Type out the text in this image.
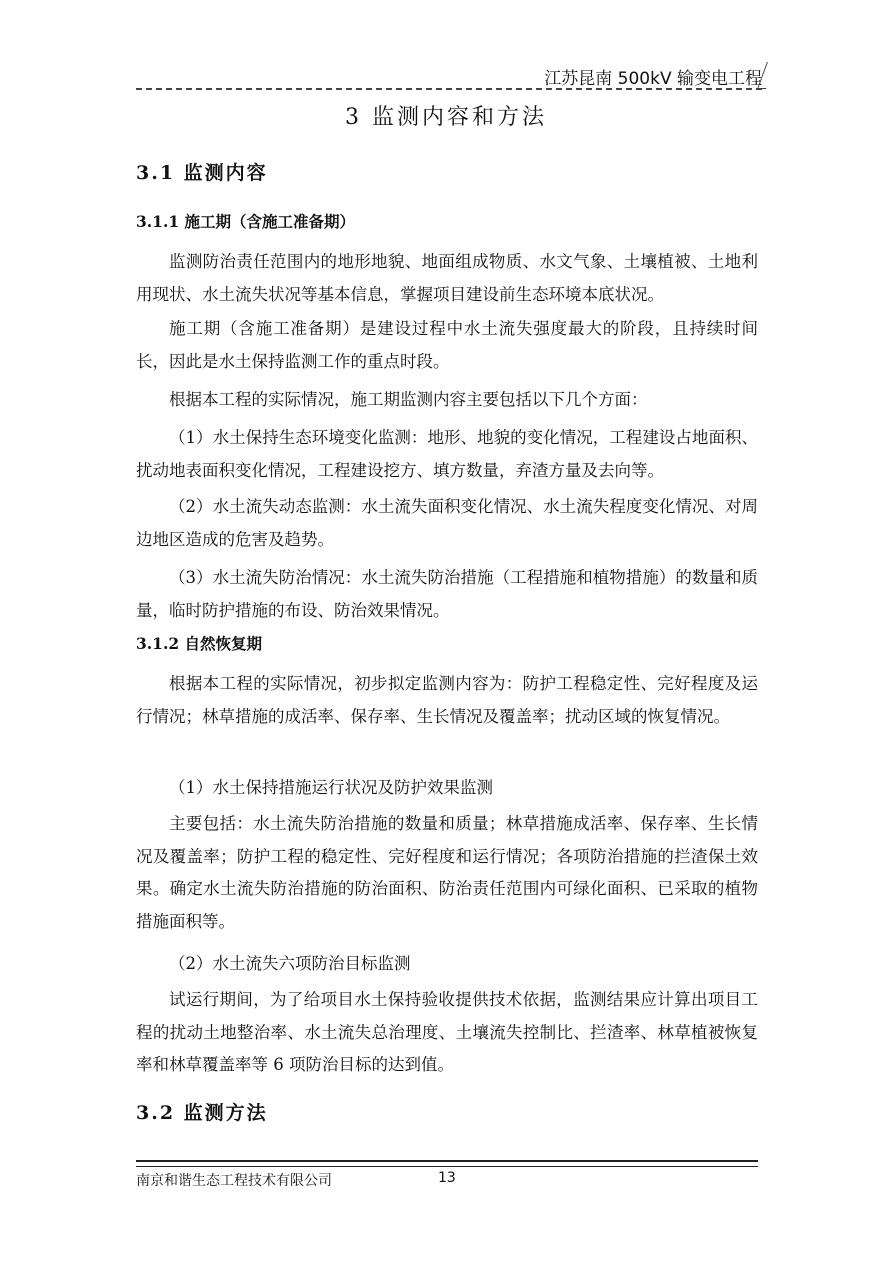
江苏昆南 500kV 输变电工程
3 监测内容和方法
3.1 监测内容
3.1.1 施工期（含施工准备期）

监测防治责任范围内的地形地貌、地面组成物质、水文气象、土壤植被、土地利用现状、水土流失状况等基本信息，掌握项目建设前生态环境本底状况。

施工期（含施工准备期）是建设过程中水土流失强度最大的阶段，且持续时间长，因此是水土保持监测工作的重点时段。

根据本工程的实际情况，施工期监测内容主要包括以下几个方面：

（1）水土保持生态环境变化监测：地形、地貌的变化情况，工程建设占地面积、扰动地表面积变化情况，工程建设挖方、填方数量，弃渣方量及去向等。

（2）水土流失动态监测：水土流失面积变化情况、水土流失程度变化情况、对周边地区造成的危害及趋势。

（3）水土流失防治情况：水土流失防治措施（工程措施和植物措施）的数量和质量，临时防护措施的布设、防治效果情况。

3.1.2 自然恢复期

根据本工程的实际情况，初步拟定监测内容为：防护工程稳定性、完好程度及运行情况；林草措施的成活率、保存率、生长情况及覆盖率；扰动区域的恢复情况。

（1）水土保持措施运行状况及防护效果监测

主要包括：水土流失防治措施的数量和质量；林草措施成活率、保存率、生长情况及覆盖率；防护工程的稳定性、完好程度和运行情况；各项防治措施的拦渣保土效果。确定水土流失防治措施的防治面积、防治责任范围内可绿化面积、已采取的植物措施面积等。

（2）水土流失六项防治目标监测

试运行期间，为了给项目水土保持验收提供技术依据，监测结果应计算出项目工程的扰动土地整治率、水土流失总治理度、土壤流失控制比、拦渣率、林草植被恢复率和林草覆盖率等 6 项防治目标的达到值。

3.2 监测方法
南京和谐生态工程技术有限公司	13
